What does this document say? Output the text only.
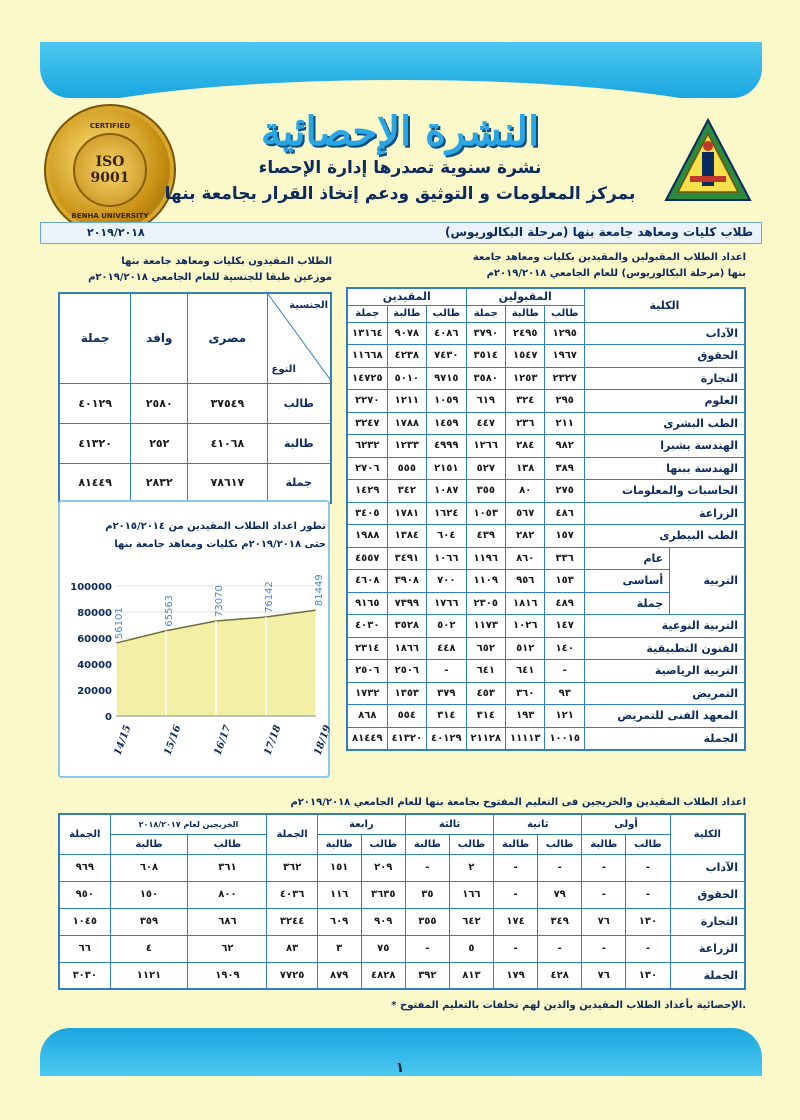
CERTIFIED
ISO
9001
BENHA UNIVERSITY
النشرة الإحصائية
نشرة سنوية تصدرها إدارة الإحصاء
بمركز المعلومات و التوثيق ودعم إتخاذ القرار بجامعة بنها
طلاب كليات ومعاهد جامعة بنها (مرحلة البكالوريوس)
٢٠١٩/٢٠١٨
اعداد الطلاب المقبولين والمقيدين بكليات ومعاهد جامعة
بنها (مرحلة البكالوريوس) للعام الجامعي ٢٠١٩/٢٠١٨م
الطلاب المقيدون بكليات ومعاهد جامعة بنها
موزعين طبقا للجنسية للعام الجامعي ٢٠١٩/٢٠١٨م
المقيدين			المقبولين			الكلية	
جملة	طالبة	طالب	جملة	طالبة	طالب		
١٣١٦٤	٩٠٧٨	٤٠٨٦	٣٧٩٠	٢٤٩٥	١٢٩٥	الآداب	
١١٦٦٨	٤٢٣٨	٧٤٣٠	٣٥١٤	١٥٤٧	١٩٦٧	الحقوق	
١٤٧٢٥	٥٠١٠	٩٧١٥	٣٥٨٠	١٢٥٣	٢٣٢٧	التجارة	
٢٢٧٠	١٢١١	١٠٥٩	٦١٩	٣٢٤	٢٩٥	العلوم	
٣٢٤٧	١٧٨٨	١٤٥٩	٤٤٧	٢٣٦	٢١١	الطب البشرى	
٦٢٣٢	١٢٣٣	٤٩٩٩	١٢٦٦	٢٨٤	٩٨٢	الهندسة بشبرا	
٢٧٠٦	٥٥٥	٢١٥١	٥٢٧	١٣٨	٣٨٩	الهندسة ببنها	
١٤٢٩	٣٤٢	١٠٨٧	٣٥٥	٨٠	٢٧٥	الحاسبات والمعلومات	
٣٤٠٥	١٧٨١	١٦٢٤	١٠٥٣	٥٦٧	٤٨٦	الزراعة	
١٩٨٨	١٣٨٤	٦٠٤	٤٣٩	٢٨٢	١٥٧	الطب البيطرى	
٤٥٥٧	٣٤٩١	١٠٦٦	١١٩٦	٨٦٠	٣٣٦	عام	التربية
٤٦٠٨	٣٩٠٨	٧٠٠	١١٠٩	٩٥٦	١٥٣	أساسى	
٩١٦٥	٧٣٩٩	١٧٦٦	٢٣٠٥	١٨١٦	٤٨٩	جملة	
٤٠٣٠	٣٥٢٨	٥٠٢	١١٧٣	١٠٢٦	١٤٧	التربية النوعية	
٢٣١٤	١٨٦٦	٤٤٨	٦٥٢	٥١٢	١٤٠	الفنون التطبيقية	
٢٥٠٦	٢٥٠٦	-	٦٤١	٦٤١	-	التربية الرياضية	
١٧٣٢	١٣٥٣	٣٧٩	٤٥٣	٣٦٠	٩٣	التمريض	
٨٦٨	٥٥٤	٣١٤	٣١٤	١٩٣	١٢١	المعهد الفنى للتمريض	
٨١٤٤٩	٤١٣٢٠	٤٠١٢٩	٢١١٢٨	١١١١٣	١٠٠١٥	الجملة	
جملة	وافد	مصرى	الجنسية
النوع

٤٠١٢٩	٢٥٨٠	٣٧٥٤٩	طالب
٤١٣٢٠	٢٥٢	٤١٠٦٨	طالبة
٨١٤٤٩	٢٨٣٢	٧٨٦١٧	جملة
تطور اعداد الطلاب المقيدين من ٢٠١٥/٢٠١٤م
حتى ٢٠١٩/٢٠١٨م بكليات ومعاهد جامعة بنها
0
20000
40000
60000
80000
100000
56101
14/15
65563
15/16
73070
16/17
76142
17/18
81449
18/19
اعداد الطلاب المقيدين والخريجين فى التعليم المفتوح بجامعة بنها للعام الجامعي ٢٠١٩/٢٠١٨م
الجملة	الخريجين لعام ٢٠١٨/٢٠١٧		الجملة	رابعة		ثالثة		ثانية		أولى		الكلية
	طالبة	طالب		طالبة	طالب	طالبة	طالب	طالبة	طالب	طالبة	طالب	
٩٦٩	٦٠٨	٣٦١	٣٦٢	١٥١	٢٠٩	-	٢	-	-	-	-	الآداب
٩٥٠	١٥٠	٨٠٠	٤٠٣٦	١١٦	٣٦٣٥	٣٥	١٦٦	-	٧٩	-	-	الحقوق
١٠٤٥	٣٥٩	٦٨٦	٣٢٤٤	٦٠٩	٩٠٩	٣٥٥	٦٤٢	١٧٤	٣٤٩	٧٦	١٣٠	التجارة
٦٦	٤	٦٢	٨٣	٣	٧٥	-	٥	-	-	-	-	الزراعة
٣٠٣٠	١١٢١	١٩٠٩	٧٧٢٥	٨٧٩	٤٨٢٨	٣٩٢	٨١٣	١٧٩	٤٢٨	٧٦	١٣٠	الجملة
* الإحصائية بأعداد الطلاب المقيدين والذين لهم تخلفات بالتعليم المفتوح.
١
